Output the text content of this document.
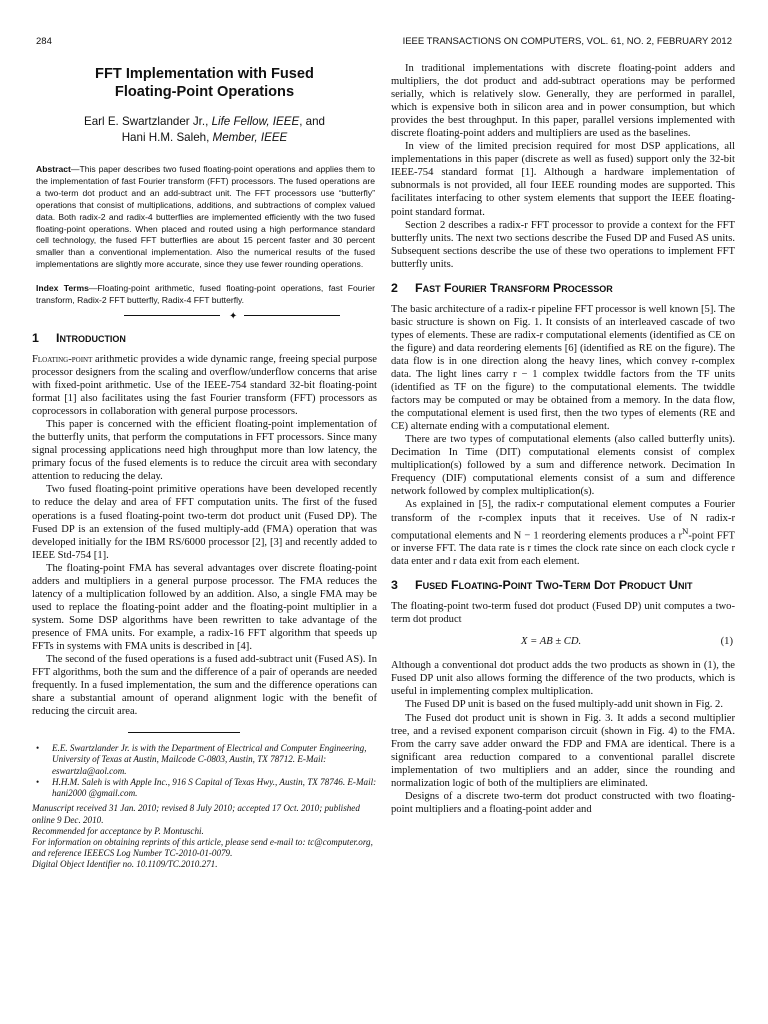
284	IEEE TRANSACTIONS ON COMPUTERS, VOL. 61, NO. 2, FEBRUARY 2012
FFT Implementation with Fused
Floating-Point Operations
Earl E. Swartzlander Jr., Life Fellow, IEEE, and
Hani H.M. Saleh, Member, IEEE
Abstract—This paper describes two fused floating-point operations and applies them to the implementation of fast Fourier transform (FFT) processors. The fused operations are a two-term dot product and an add-subtract unit. The FFT processors use “butterfly” operations that consist of multiplications, additions, and subtractions of complex valued data. Both radix-2 and radix-4 butterflies are implemented efficiently with the two fused floating-point operations. When placed and routed using a high performance standard cell technology, the fused FFT butterflies are about 15 percent faster and 30 percent smaller than a conventional implementation. Also the numerical results of the fused implementations are slightly more accurate, since they use fewer rounding operations.
Index Terms—Floating-point arithmetic, fused floating-point operations, fast Fourier transform, Radix-2 FFT butterfly, Radix-4 FFT butterfly.
✦
1	Introduction

Floating-point arithmetic provides a wide dynamic range, freeing special purpose processor designers from the scaling and overflow/underflow concerns that arise with fixed-point arithmetic. Use of the IEEE-754 standard 32-bit floating-point format [1] also facilitates using the fast Fourier transform (FFT) processors as coprocessors in collaboration with general purpose processors.

This paper is concerned with the efficient floating-point implementation of the butterfly units, that perform the computations in FFT processors. Since many signal processing applications need high throughput more than low latency, the primary focus of the fused elements is to reduce the circuit area with secondary attention to reducing the delay.

Two fused floating-point primitive operations have been developed recently to reduce the delay and area of FFT computation units. The first of the fused operations is a fused floating-point two-term dot product unit (Fused DP). The Fused DP is an extension of the fused multiply-add (FMA) operation that was developed initially for the IBM RS/6000 processor [2], [3] and recently added to IEEE Std-754 [1].

The floating-point FMA has several advantages over discrete floating-point adders and multipliers in a general purpose processor. The FMA reduces the latency of a multiplication followed by an addition. Also, a single FMA may be used to replace the floating-point adder and the floating-point multiplier in a system. Some DSP algorithms have been rewritten to take advantage of the presence of FMA units. For example, a radix-16 FFT algorithm that speeds up FFTs in systems with FMA units is described in [4].

The second of the fused operations is a fused add-subtract unit (Fused AS). In FFT algorithms, both the sum and the difference of a pair of operands are needed frequently. In a fused implementation, the sum and the difference operations can share a substantial amount of operand alignment logic with the benefit of reducing the circuit area.

• E.E. Swartzlander Jr. is with the Department of Electrical and Computer Engineering, University of Texas at Austin, Mailcode C-0803, Austin, TX 78712. E-Mail: eswartzla@aol.com.
• H.H.M. Saleh is with Apple Inc., 916 S Capital of Texas Hwy., Austin, TX 78746. E-Mail: hani2000 @gmail.com.
Manuscript received 31 Jan. 2010; revised 8 July 2010; accepted 17 Oct. 2010; published online 9 Dec. 2010.
Recommended for acceptance by P. Montuschi.
For information on obtaining reprints of this article, please send e-mail to: tc@computer.org, and reference IEEECS Log Number TC-2010-01-0079.
Digital Object Identifier no. 10.1109/TC.2010.271.

In traditional implementations with discrete floating-point adders and multipliers, the dot product and add-subtract operations may be performed serially, which is relatively slow. Generally, they are performed in parallel, which is expensive both in silicon area and in power consumption, but which provides the best throughput. In this paper, parallel versions implemented with discrete floating-point adders and multipliers are used as the baselines.

In view of the limited precision required for most DSP applications, all implementations in this paper (discrete as well as fused) support only the 32-bit IEEE-754 standard format [1]. Although a hardware implementation of subnormals is not provided, all four IEEE rounding modes are supported. This facilitates interfacing to other system elements that support the IEEE floating-point standard format.

Section 2 describes a radix-r FFT processor to provide a context for the FFT butterfly units. The next two sections describe the Fused DP and Fused AS units. Subsequent sections describe the use of these two operations to implement FFT butterfly units.

2	Fast Fourier Transform Processor

The basic architecture of a radix-r pipeline FFT processor is well known [5]. The basic structure is shown on Fig. 1. It consists of an interleaved cascade of two types of elements. These are radix-r computational elements (identified as CE on the figure) and data reordering elements [6] (identified as RE on the figure). The data flow is in one direction along the heavy lines, which convey r-complex data. The light lines carry r − 1 complex twiddle factors from the TF units (identified as TF on the figure) to the computational elements. The twiddle factors may be computed or may be obtained from a memory. In the data flow, the computational element is used first, then the two types of elements (RE and CE) alternate ending with a computational element.

There are two types of computational elements (also called butterfly units). Decimation In Time (DIT) computational elements consist of complex multiplication(s) followed by a sum and difference network. Decimation In Frequency (DIF) computational elements consist of a sum and difference network followed by complex multiplication(s).

As explained in [5], the radix-r computational element computes a Fourier transform of the r-complex inputs that it receives. Use of N radix-r computational elements and N − 1 reordering elements produces a $r^N$-point FFT or inverse FFT. The data rate is r times the clock rate since on each clock cycle r data enter and r data exit from each element.

3	Fused Floating-Point Two-Term Dot Product Unit

The floating-point two-term fused dot product (Fused DP) unit computes a two-term dot product

X = AB ± CD.	(1)

Although a conventional dot product adds the two products as shown in (1), the Fused DP unit also allows forming the difference of the two products, which is useful in implementing complex multiplication.

The Fused DP unit is based on the fused multiply-add unit shown in Fig. 2.

The Fused dot product unit is shown in Fig. 3. It adds a second multiplier tree, and a revised exponent comparison circuit (shown in Fig. 4) to the FMA. From the carry save adder onward the FDP and FMA are identical. There is a significant area reduction compared to a conventional parallel discrete implementation of two multipliers and an adder, since the rounding and normalization logic of both of the multipliers are eliminated.

Designs of a discrete two-term dot product constructed with two floating-point multipliers and a floating-point adder and
